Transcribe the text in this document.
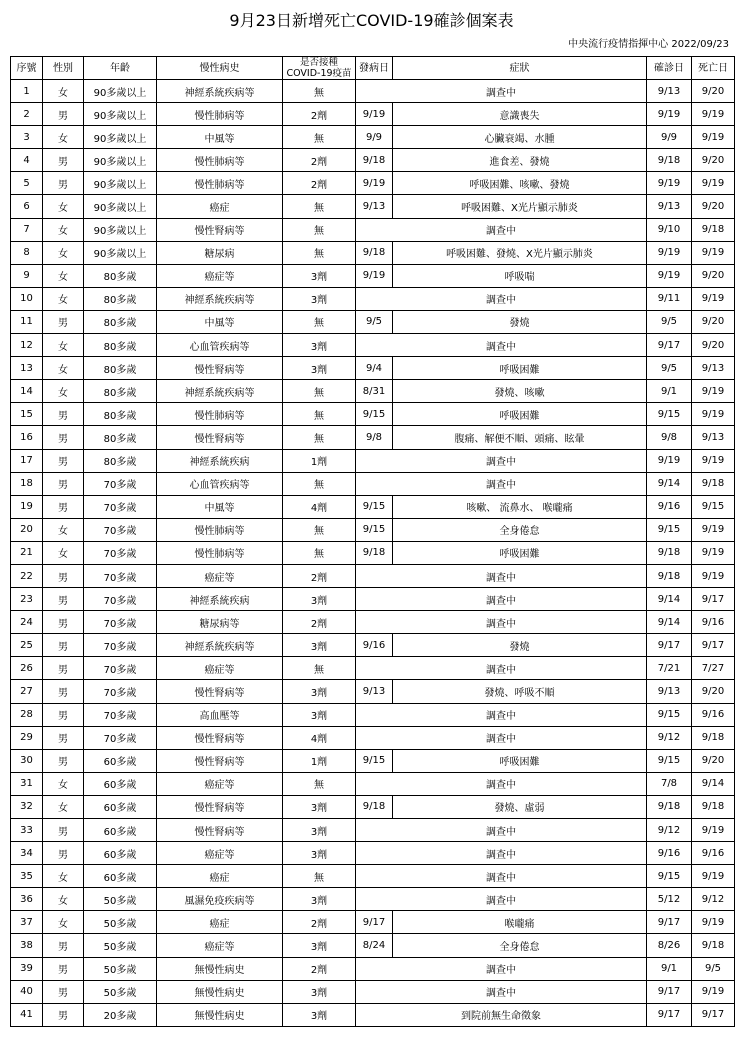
9月23日新增死亡COVID-19確診個案表
中央流行疫情指揮中心 2022/09/23
序號	性別	年齡	慢性病史	是否接種
COVID-19疫苗	發病日	症狀	確診日	死亡日
1	女	90多歲以上	神經系統疾病等	無	調查中		9/13	9/20
2	男	90多歲以上	慢性肺病等	2劑	9/19	意識喪失	9/19	9/19
3	女	90多歲以上	中風等	無	9/9	心臟衰竭、水腫	9/9	9/19
4	男	90多歲以上	慢性肺病等	2劑	9/18	進食差、發燒	9/18	9/20
5	男	90多歲以上	慢性肺病等	2劑	9/19	呼吸困難、咳嗽、發燒	9/19	9/19
6	女	90多歲以上	癌症	無	9/13	呼吸困難、X光片顯示肺炎	9/13	9/20
7	女	90多歲以上	慢性腎病等	無	調查中		9/10	9/18
8	女	90多歲以上	糖尿病	無	9/18	呼吸困難、發燒、X光片顯示肺炎	9/19	9/19
9	女	80多歲	癌症等	3劑	9/19	呼吸喘	9/19	9/20
10	女	80多歲	神經系統疾病等	3劑	調查中		9/11	9/19
11	男	80多歲	中風等	無	9/5	發燒	9/5	9/20
12	女	80多歲	心血管疾病等	3劑	調查中		9/17	9/20
13	女	80多歲	慢性腎病等	3劑	9/4	呼吸困難	9/5	9/13
14	女	80多歲	神經系統疾病等	無	8/31	發燒、咳嗽	9/1	9/19
15	男	80多歲	慢性肺病等	無	9/15	呼吸困難	9/15	9/19
16	男	80多歲	慢性腎病等	無	9/8	腹痛、解便不順、頭痛、眩暈	9/8	9/13
17	男	80多歲	神經系統疾病	1劑	調查中		9/19	9/19
18	男	70多歲	心血管疾病等	無	調查中		9/14	9/18
19	男	70多歲	中風等	4劑	9/15	咳嗽、 流鼻水、 喉嚨痛	9/16	9/15
20	女	70多歲	慢性肺病等	無	9/15	全身倦怠	9/15	9/19
21	女	70多歲	慢性肺病等	無	9/18	呼吸困難	9/18	9/19
22	男	70多歲	癌症等	2劑	調查中		9/18	9/19
23	男	70多歲	神經系統疾病	3劑	調查中		9/14	9/17
24	男	70多歲	糖尿病等	2劑	調查中		9/14	9/16
25	男	70多歲	神經系統疾病等	3劑	9/16	發燒	9/17	9/17
26	男	70多歲	癌症等	無	調查中		7/21	7/27
27	男	70多歲	慢性腎病等	3劑	9/13	發燒、呼吸不順	9/13	9/20
28	男	70多歲	高血壓等	3劑	調查中		9/15	9/16
29	男	70多歲	慢性腎病等	4劑	調查中		9/12	9/18
30	男	60多歲	慢性腎病等	1劑	9/15	呼吸困難	9/15	9/20
31	女	60多歲	癌症等	無	調查中		7/8	9/14
32	女	60多歲	慢性腎病等	3劑	9/18	發燒、虛弱	9/18	9/18
33	男	60多歲	慢性腎病等	3劑	調查中		9/12	9/19
34	男	60多歲	癌症等	3劑	調查中		9/16	9/16
35	女	60多歲	癌症	無	調查中		9/15	9/19
36	女	50多歲	風濕免疫疾病等	3劑	調查中		5/12	9/12
37	女	50多歲	癌症	2劑	9/17	喉嚨痛	9/17	9/19
38	男	50多歲	癌症等	3劑	8/24	全身倦怠	8/26	9/18
39	男	50多歲	無慢性病史	2劑	調查中		9/1	9/5
40	男	50多歲	無慢性病史	3劑	調查中		9/17	9/19
41	男	20多歲	無慢性病史	3劑	到院前無生命徵象		9/17	9/17
